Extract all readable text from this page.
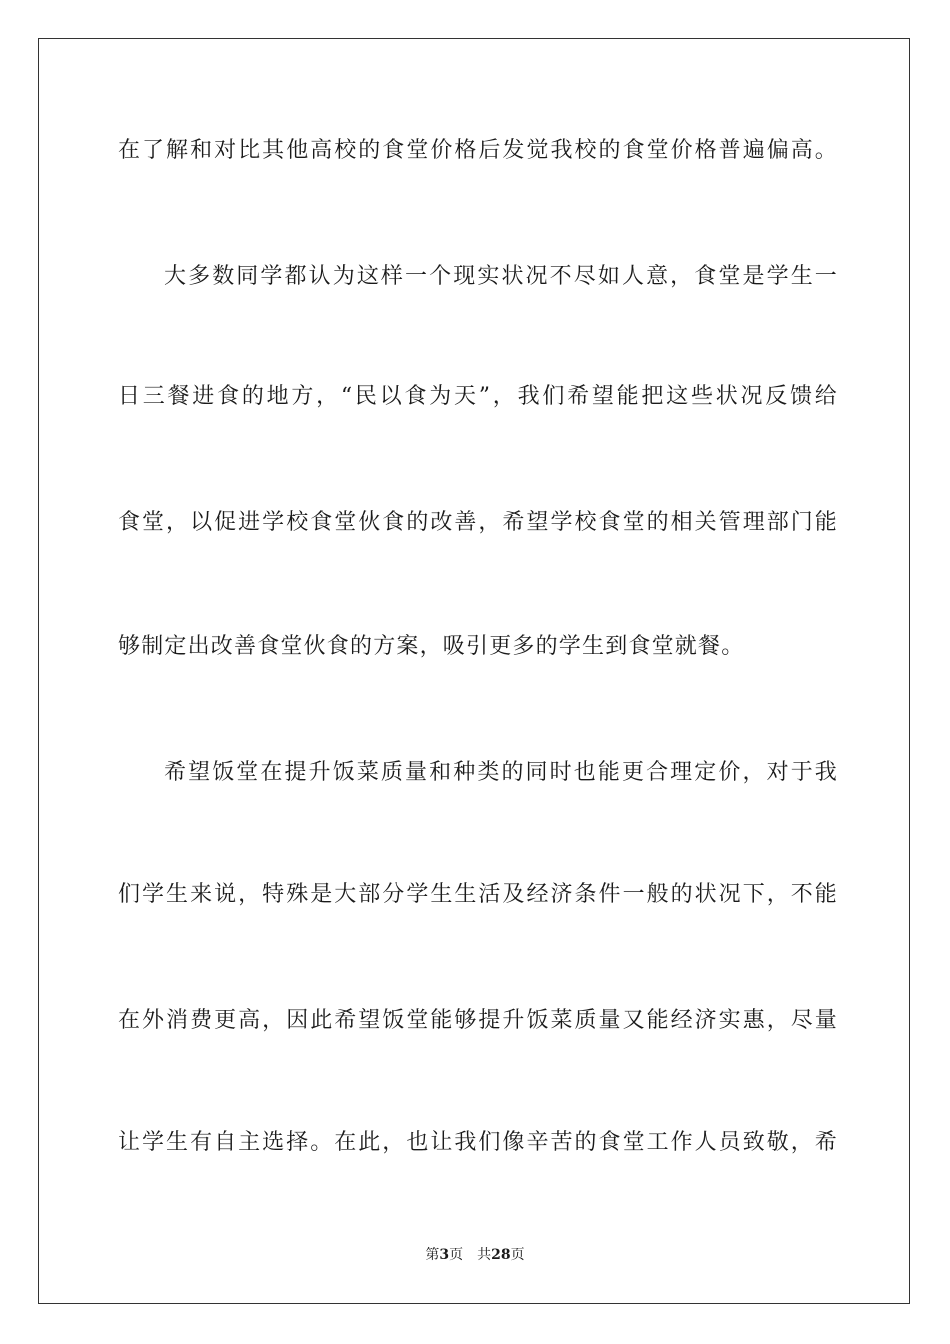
在了解和对比其他高校的食堂价格后发觉我校的食堂价格普遍偏高。
大多数同学都认为这样一个现实状况不尽如人意，食堂是学生一
日三餐进食的地方，“民以食为天”，我们希望能把这些状况反馈给
食堂，以促进学校食堂伙食的改善，希望学校食堂的相关管理部门能
够制定出改善食堂伙食的方案，吸引更多的学生到食堂就餐。
希望饭堂在提升饭菜质量和种类的同时也能更合理定价，对于我
们学生来说，特殊是大部分学生生活及经济条件一般的状况下，不能
在外消费更高，因此希望饭堂能够提升饭菜质量又能经济实惠，尽量
让学生有自主选择。在此，也让我们像辛苦的食堂工作人员致敬，希
第3页 共28页
